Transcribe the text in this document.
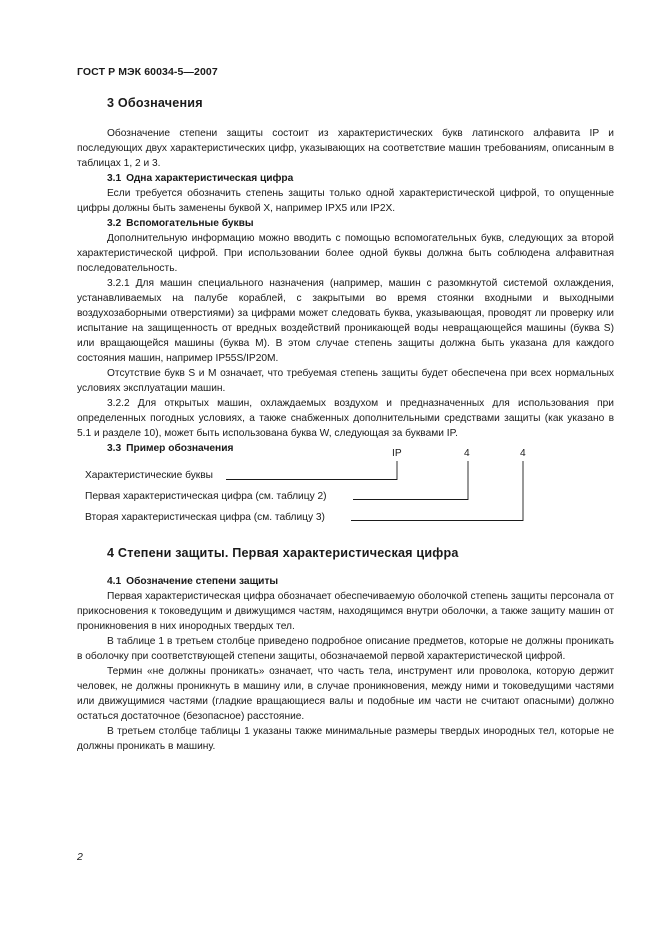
ГОСТ Р МЭК 60034-5—2007
3 Обозначения

Обозначение степени защиты состоит из характеристических букв латинского алфавита IP и последующих двух характеристических цифр, указывающих на соответствие машин требованиям, описанным в таблицах 1, 2 и 3.

3.1 Одна характеристическая цифра

Если требуется обозначить степень защиты только одной характеристической цифрой, то опущенные цифры должны быть заменены буквой X, например IPX5 или IP2X.

3.2 Вспомогательные буквы

Дополнительную информацию можно вводить с помощью вспомогательных букв, следующих за второй характеристической цифрой. При использовании более одной буквы должна быть соблюдена алфавитная последовательность.

3.2.1 Для машин специального назначения (например, машин с разомкнутой системой охлаждения, устанавливаемых на палубе кораблей, с закрытыми во время стоянки входными и выходными воздухозаборными отверстиями) за цифрами может следовать буква, указывающая, проводят ли проверку или испытание на защищенность от вредных воздействий проникающей воды невращающейся машины (буква S) или вращающейся машины (буква M). В этом случае степень защиты должна быть указана для каждого состояния машин, например IP55S/IP20M.

Отсутствие букв S и M означает, что требуемая степень защиты будет обеспечена при всех нормальных условиях эксплуатации машин.

3.2.2 Для открытых машин, охлаждаемых воздухом и предназначенных для использования при определенных погодных условиях, а также снабженных дополнительными средствами защиты (как указано в 5.1 и разделе 10), может быть использована буква W, следующая за буквами IP.

3.3 Пример обозначения	IP	4	4
Характеристические буквы
Первая характеристическая цифра (см. таблицу 2)
Вторая характеристическая цифра (см. таблицу 3)
4 Степени защиты. Первая характеристическая цифра

4.1 Обозначение степени защиты

Первая характеристическая цифра обозначает обеспечиваемую оболочкой степень защиты персонала от прикосновения к токоведущим и движущимся частям, находящимся внутри оболочки, а также защиту машин от проникновения в них инородных твердых тел.

В таблице 1 в третьем столбце приведено подробное описание предметов, которые не должны проникать в оболочку при соответствующей степени защиты, обозначаемой первой характеристической цифрой.

Термин «не должны проникать» означает, что часть тела, инструмент или проволока, которую держит человек, не должны проникнуть в машину или, в случае проникновения, между ними и токоведущими частями или движущимися частями (гладкие вращающиеся валы и подобные им части не считают опасными) должно остаться достаточное (безопасное) расстояние.

В третьем столбце таблицы 1 указаны также минимальные размеры твердых инородных тел, которые не должны проникать в машину.

2
